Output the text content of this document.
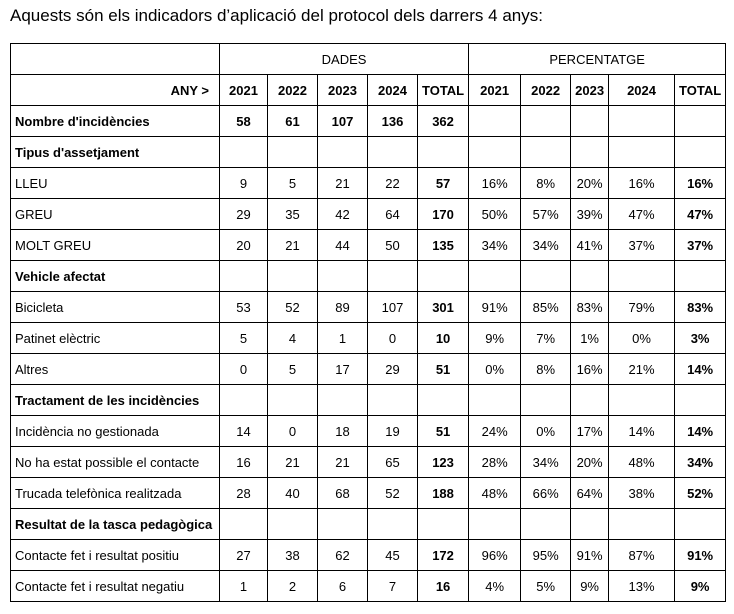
Aquests són els indicadors d’aplicació del protocol dels darrers 4 anys:
	DADES					PERCENTATGE				
ANY >	2021	2022	2023	2024	TOTAL	2021	2022	2023	2024	TOTAL
Nombre d'incidències	58	61	107	136	362					
Tipus d'assetjament										
LLEU	9	5	21	22	57	16%	8%	20%	16%	16%
GREU	29	35	42	64	170	50%	57%	39%	47%	47%
MOLT GREU	20	21	44	50	135	34%	34%	41%	37%	37%
Vehicle afectat										
Bicicleta	53	52	89	107	301	91%	85%	83%	79%	83%
Patinet elèctric	5	4	1	0	10	9%	7%	1%	0%	3%
Altres	0	5	17	29	51	0%	8%	16%	21%	14%
Tractament de les incidències										
Incidència no gestionada	14	0	18	19	51	24%	0%	17%	14%	14%
No ha estat possible el contacte	16	21	21	65	123	28%	34%	20%	48%	34%
Trucada telefònica realitzada	28	40	68	52	188	48%	66%	64%	38%	52%
Resultat de la tasca pedagògica										
Contacte fet i resultat positiu	27	38	62	45	172	96%	95%	91%	87%	91%
Contacte fet i resultat negatiu	1	2	6	7	16	4%	5%	9%	13%	9%
